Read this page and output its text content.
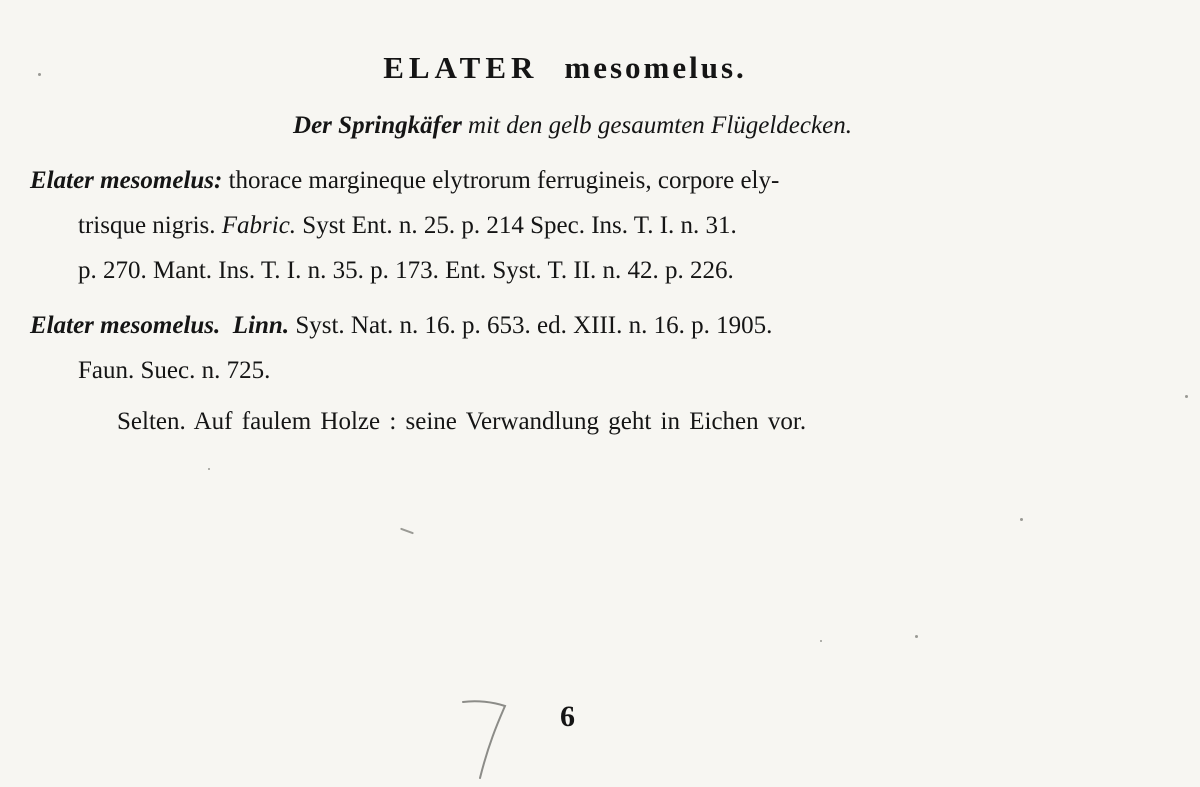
ELATER mesomelus.
Der Springkäfer mit den gelb gesaumten Flügeldecken.
Elater mesomelus: thorace margineque elytrorum ferrugineis, corpore ely-
trisque nigris. Fabric. Syst Ent. n. 25. p. 214 Spec. Ins. T. I. n. 31.
p. 270. Mant. Ins. T. I. n. 35. p. 173. Ent. Syst. T. II. n. 42. p. 226.
Elater mesomelus. Linn. Syst. Nat. n. 16. p. 653. ed. XIII. n. 16. p. 1905.
Faun. Suec. n. 725.
Selten. Auf faulem Holze : seine Verwandlung geht in Eichen vor.
6
